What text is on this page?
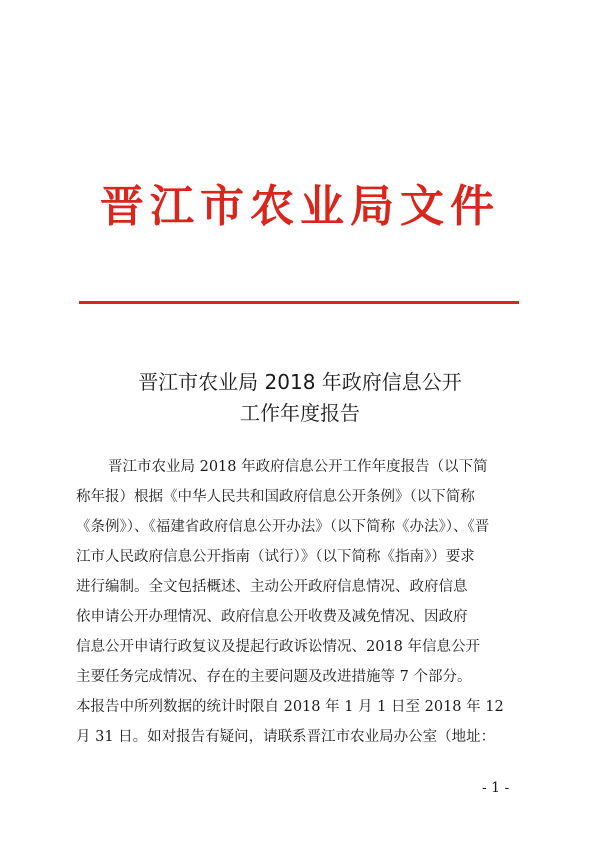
晋江市农业局文件
晋江市农业局 2018 年政府信息公开
工作年度报告
晋江市农业局 2018 年政府信息公开工作年度报告（以下简
称年报）根据《中华人民共和国政府信息公开条例》（以下简称
《条例》）、《福建省政府信息公开办法》（以下简称《办法》）、《晋
江市人民政府信息公开指南（试行）》（以下简称《指南》）要求
进行编制。全文包括概述、主动公开政府信息情况、政府信息
依申请公开办理情况、政府信息公开收费及减免情况、因政府
信息公开申请行政复议及提起行政诉讼情况、2018 年信息公开
主要任务完成情况、存在的主要问题及改进措施等 7 个部分。
本报告中所列数据的统计时限自 2018 年 1 月 1 日至 2018 年 12
月 31 日。如对报告有疑问，请联系晋江市农业局办公室（地址：
- 1 -
